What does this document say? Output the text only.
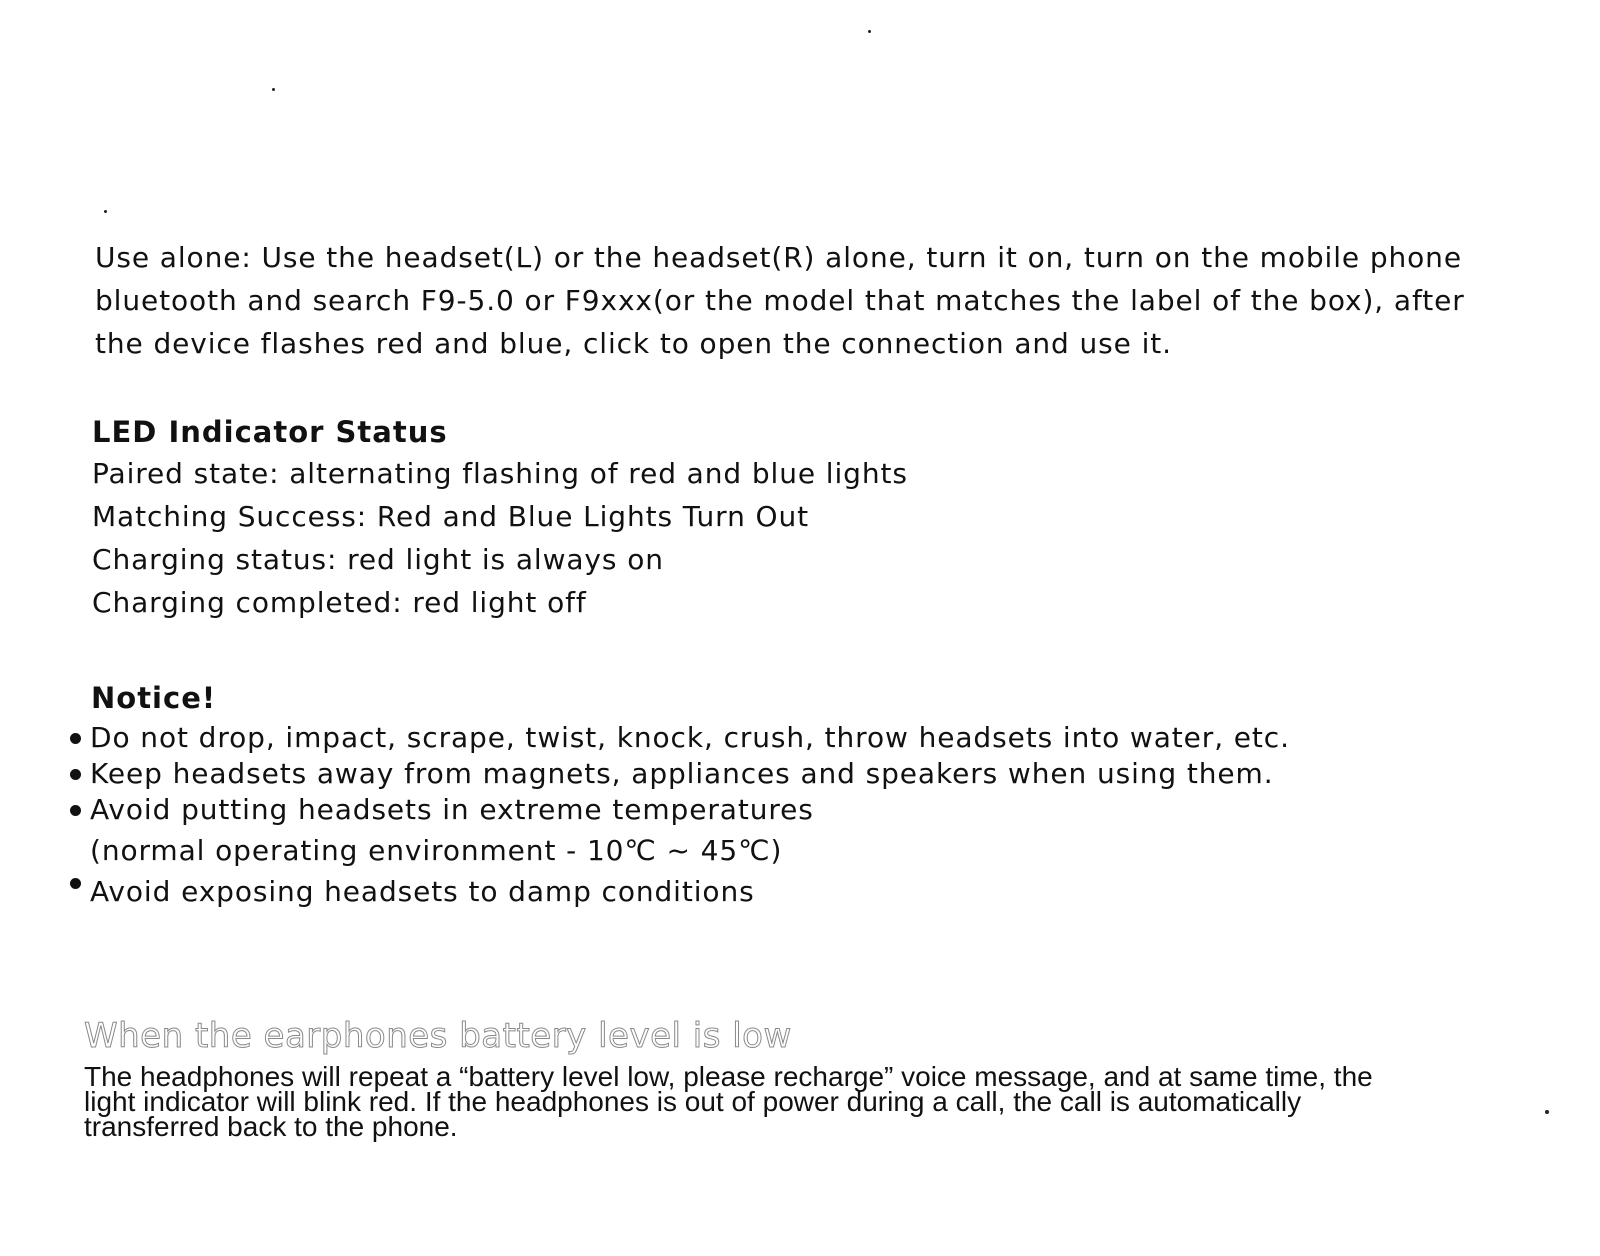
Use alone: Use the headset(L) or the headset(R) alone, turn it on, turn on the mobile phone bluetooth and search F9-5.0 or F9xxx(or the model that matches the label of the box), after the device flashes red and blue, click to open the connection and use it.
LED Indicator Status
Paired state: alternating flashing of red and blue lights
Matching Success: Red and Blue Lights Turn Out
Charging status: red light is always on
Charging completed: red light off
Notice!
Do not drop, impact, scrape, twist, knock, crush, throw headsets into water, etc.
Keep headsets away from magnets, appliances and speakers when using them.
Avoid putting headsets in extreme temperatures
(normal operating environment - 10℃ ~ 45℃)
Avoid exposing headsets to damp conditions
When the earphones battery level is low
The headphones will repeat a “battery level low, please recharge” voice message, and at same time, the light indicator will blink red. If the headphones is out of power during a call, the call is automatically transferred back to the phone.
